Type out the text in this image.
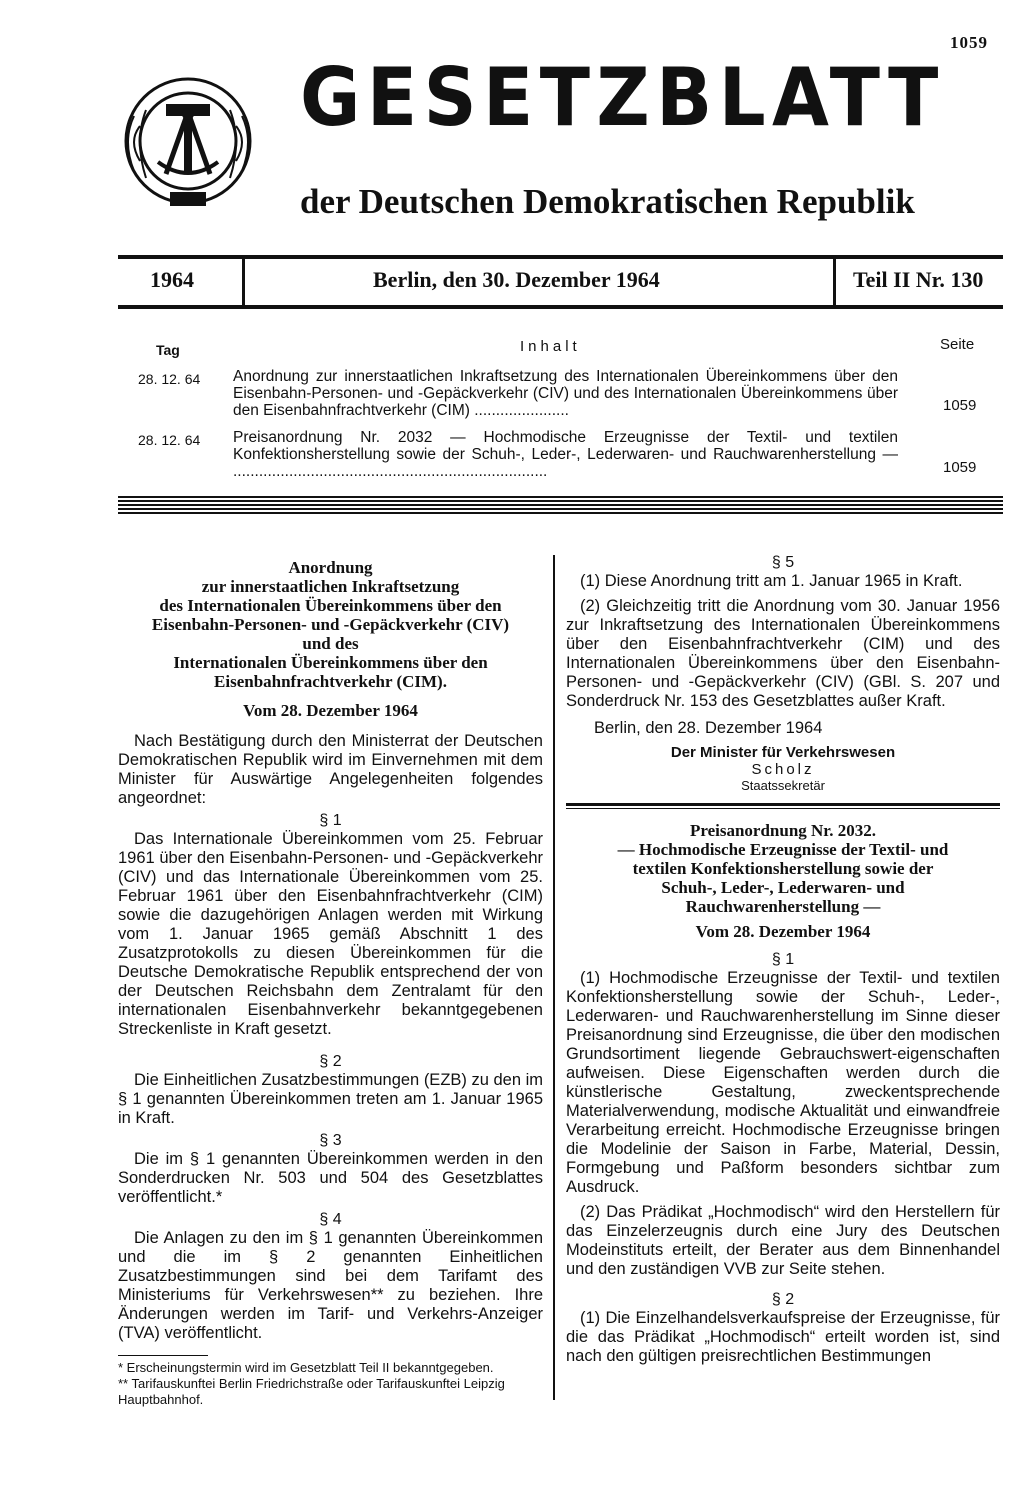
1059
GESETZBLATT
der Deutschen Demokratischen Republik
1964	Berlin, den 30. Dezember 1964	Teil II Nr. 130
Tag	Inhalt	Seite
28. 12. 64 Anordnung zur innerstaatlichen Inkraftsetzung des Internationalen Übereinkommens über den Eisenbahn-Personen- und -Gepäckverkehr (CIV) und des Internationalen Übereinkommens über den Eisenbahnfrachtverkehr (CIM) ......................	1059
28. 12. 64 Preisanordnung Nr. 2032 — Hochmodische Erzeugnisse der Textil- und textilen Konfektionsherstellung sowie der Schuh-, Leder-, Lederwaren- und Rauchwarenherstellung — .........................................................................	1059
Anordnung
zur innerstaatlichen Inkraftsetzung
des Internationalen Übereinkommens über den
Eisenbahn-Personen- und -Gepäckverkehr (CIV)
und des
Internationalen Übereinkommens über den
Eisenbahnfrachtverkehr (CIM).
Vom 28. Dezember 1964
Nach Bestätigung durch den Ministerrat der Deutschen Demokratischen Republik wird im Einvernehmen mit dem Minister für Auswärtige Angelegenheiten folgendes angeordnet:
§ 1
Das Internationale Übereinkommen vom 25. Februar 1961 über den Eisenbahn-Personen- und -Gepäckverkehr (CIV) und das Internationale Übereinkommen vom 25. Februar 1961 über den Eisenbahnfrachtverkehr (CIM) sowie die dazugehörigen Anlagen werden mit Wirkung vom 1. Januar 1965 gemäß Abschnitt 1 des Zusatzprotokolls zu diesen Übereinkommen für die Deutsche Demokratische Republik entsprechend der von der Deutschen Reichsbahn dem Zentralamt für den internationalen Eisenbahnverkehr bekanntgegebenen Streckenliste in Kraft gesetzt.
§ 2
Die Einheitlichen Zusatzbestimmungen (EZB) zu den im § 1 genannten Übereinkommen treten am 1. Januar 1965 in Kraft.
§ 3
Die im § 1 genannten Übereinkommen werden in den Sonderdrucken Nr. 503 und 504 des Gesetzblattes veröffentlicht.*
§ 4
Die Anlagen zu den im § 1 genannten Übereinkommen und die im § 2 genannten Einheitlichen Zusatzbestimmungen sind bei dem Tarifamt des Ministeriums für Verkehrswesen** zu beziehen. Ihre Änderungen werden im Tarif- und Verkehrs-Anzeiger (TVA) veröffentlicht.
* Erscheinungstermin wird im Gesetzblatt Teil II bekanntgegeben.
** Tarifauskunftei Berlin Friedrichstraße oder Tarifauskunftei Leipzig Hauptbahnhof.
§ 5
(1) Diese Anordnung tritt am 1. Januar 1965 in Kraft.
(2) Gleichzeitig tritt die Anordnung vom 30. Januar 1956 zur Inkraftsetzung des Internationalen Übereinkommens über den Eisenbahnfrachtverkehr (CIM) und des Internationalen Übereinkommens über den Eisenbahn-Personen- und -Gepäckverkehr (CIV) (GBl. S. 207 und Sonderdruck Nr. 153 des Gesetzblattes außer Kraft.
Berlin, den 28. Dezember 1964
Der Minister für Verkehrswesen
Scholz
Staatssekretär
Preisanordnung Nr. 2032.
— Hochmodische Erzeugnisse der Textil- und
textilen Konfektionsherstellung sowie der
Schuh-, Leder-, Lederwaren- und
Rauchwarenherstellung —
Vom 28. Dezember 1964
§ 1
(1) Hochmodische Erzeugnisse der Textil- und textilen Konfektionsherstellung sowie der Schuh-, Leder-, Lederwaren- und Rauchwarenherstellung im Sinne dieser Preisanordnung sind Erzeugnisse, die über den modischen Grundsortiment liegende Gebrauchswert-eigenschaften aufweisen. Diese Eigenschaften werden durch die künstlerische Gestaltung, zweckentsprechende Materialverwendung, modische Aktualität und einwandfreie Verarbeitung erreicht. Hochmodische Erzeugnisse bringen die Modelinie der Saison in Farbe, Material, Dessin, Formgebung und Paßform besonders sichtbar zum Ausdruck.
(2) Das Prädikat „Hochmodisch“ wird den Herstellern für das Einzelerzeugnis durch eine Jury des Deutschen Modeinstituts erteilt, der Berater aus dem Binnenhandel und den zuständigen VVB zur Seite stehen.
§ 2
(1) Die Einzelhandelsverkaufspreise der Erzeugnisse, für die das Prädikat „Hochmodisch“ erteilt worden ist, sind nach den gültigen preisrechtlichen Bestimmungen
